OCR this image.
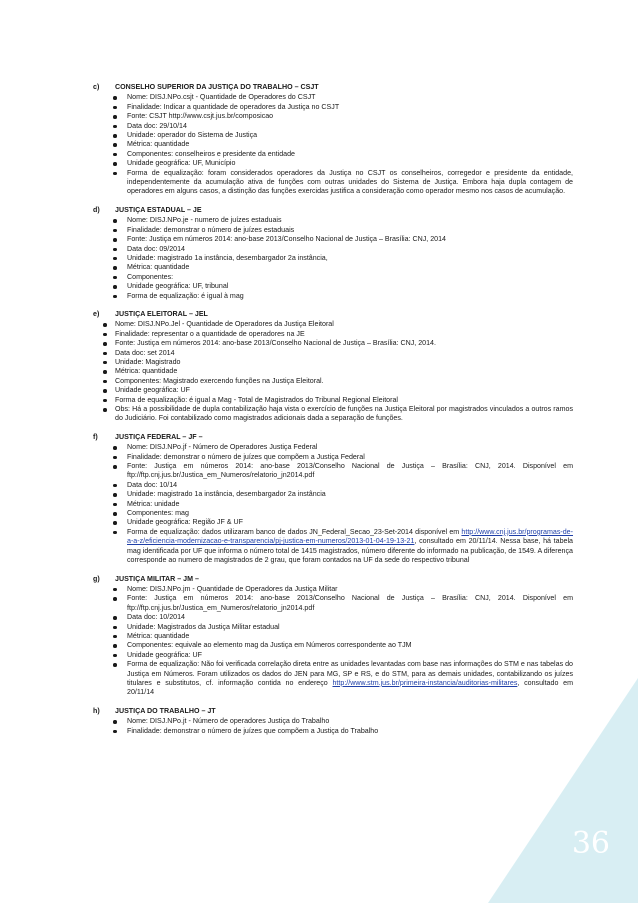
36
c)	CONSELHO SUPERIOR DA JUSTIÇA DO TRABALHO – CSJT
Nome: DISJ.NPo.csjt - Quantidade de Operadores do CSJT
Finalidade: Indicar a quantidade de operadores da Justiça no CSJT
Fonte: CSJT http://www.csjt.jus.br/composicao
Data doc: 29/10/14
Unidade: operador do Sistema de Justiça
Métrica: quantidade
Componentes: conselheiros e presidente da entidade
Unidade geográfica: UF, Município
Forma de equalização: foram considerados operadores da Justiça no CSJT os conselheiros, corregedor e presidente da entidade, independentemente da acumulação ativa de funções com outras unidades do Sistema de Justiça. Embora haja dupla contagem de operadores em alguns casos, a distinção das funções exercidas justifica a consideração como operador mesmo nos casos de acumulação.
d)	JUSTIÇA ESTADUAL – JE
Nome: DISJ.NPo.je - numero de juízes estaduais
Finalidade: demonstrar o número de juízes estaduais
Fonte: Justiça em números 2014: ano-base 2013/Conselho Nacional de Justiça – Brasília: CNJ, 2014
Data doc: 09/2014
Unidade: magistrado 1a instância, desembargador 2a instância,
Métrica: quantidade
Componentes:
Unidade geográfica: UF, tribunal
Forma de equalização: é igual à mag
e)	JUSTIÇA ELEITORAL – JEL
Nome: DISJ.NPo.Jel - Quantidade de Operadores da Justiça Eleitoral
Finalidade: representar o a quantidade de operadores na JE
Fonte: Justiça em números 2014: ano-base 2013/Conselho Nacional de Justiça – Brasília: CNJ, 2014.
Data doc: set 2014
Unidade: Magistrado
Métrica: quantidade
Componentes: Magistrado exercendo funções na Justiça Eleitoral.
Unidade geográfica: UF
Forma de equalização: é igual a Mag - Total de Magistrados do Tribunal Regional Eleitoral
Obs: Há a possibilidade de dupla contabilização haja vista o exercício de funções na Justiça Eleitoral por magistrados vinculados a outros ramos do Judiciário. Foi contabilizado como magistrados adicionais dada a separação de funções.
f)	JUSTIÇA FEDERAL – JF –
Nome: DISJ.NPo.jf - Número de Operadores Justiça Federal
Finalidade: demonstrar o número de juízes que compõem a Justiça Federal
Fonte: Justiça em números 2014: ano-base 2013/Conselho Nacional de Justiça – Brasília: CNJ, 2014. Disponível em ftp://ftp.cnj.jus.br/Justica_em_Numeros/relatorio_jn2014.pdf
Data doc: 10/14
Unidade: magistrado 1a instância, desembargador 2a instância
Métrica: unidade
Componentes: mag
Unidade geográfica: Região JF & UF
Forma de equalização: dados utilizaram banco de dados JN_Federal_Secao_23-Set-2014 disponível em http://www.cnj.jus.br/programas-de-a-a-z/eficiencia-modernizacao-e-transparencia/pj-justica-em-numeros/2013-01-04-19-13-21, consultado em 20/11/14. Nessa base, há tabela mag identificada por UF que informa o número total de 1415 magistrados, número diferente do informado na publicação, de 1549. A diferença corresponde ao numero de magistrados de 2 grau, que foram contados na UF da sede do respectivo tribunal
g)	JUSTIÇA MILITAR – JM –
Nome: DISJ.NPo.jm - Quantidade de Operadores da Justiça Militar
Fonte: Justiça em números 2014: ano-base 2013/Conselho Nacional de Justiça – Brasília: CNJ, 2014. Disponível em ftp://ftp.cnj.jus.br/Justica_em_Numeros/relatorio_jn2014.pdf
Data doc: 10/2014
Unidade: Magistrados da Justiça Militar estadual
Métrica: quantidade
Componentes: equivale ao elemento mag da Justiça em Números correspondente ao TJM
Unidade geográfica: UF
Forma de equalização: Não foi verificada correlação direta entre as unidades levantadas com base nas informações do STM e nas tabelas do Justiça em Números. Foram utilizados os dados do JEN para MG, SP e RS, e do STM, para as demais unidades, contabilizando os juízes titulares e substitutos, cf. informação contida no endereço http://www.stm.jus.br/primeira-instancia/auditorias-militares, consultado em 20/11/14
h)	JUSTIÇA DO TRABALHO – JT
Nome: DISJ.NPo.jt - Número de operadores Justiça do Trabalho
Finalidade: demonstrar o número de juízes que compõem a Justiça do Trabalho
